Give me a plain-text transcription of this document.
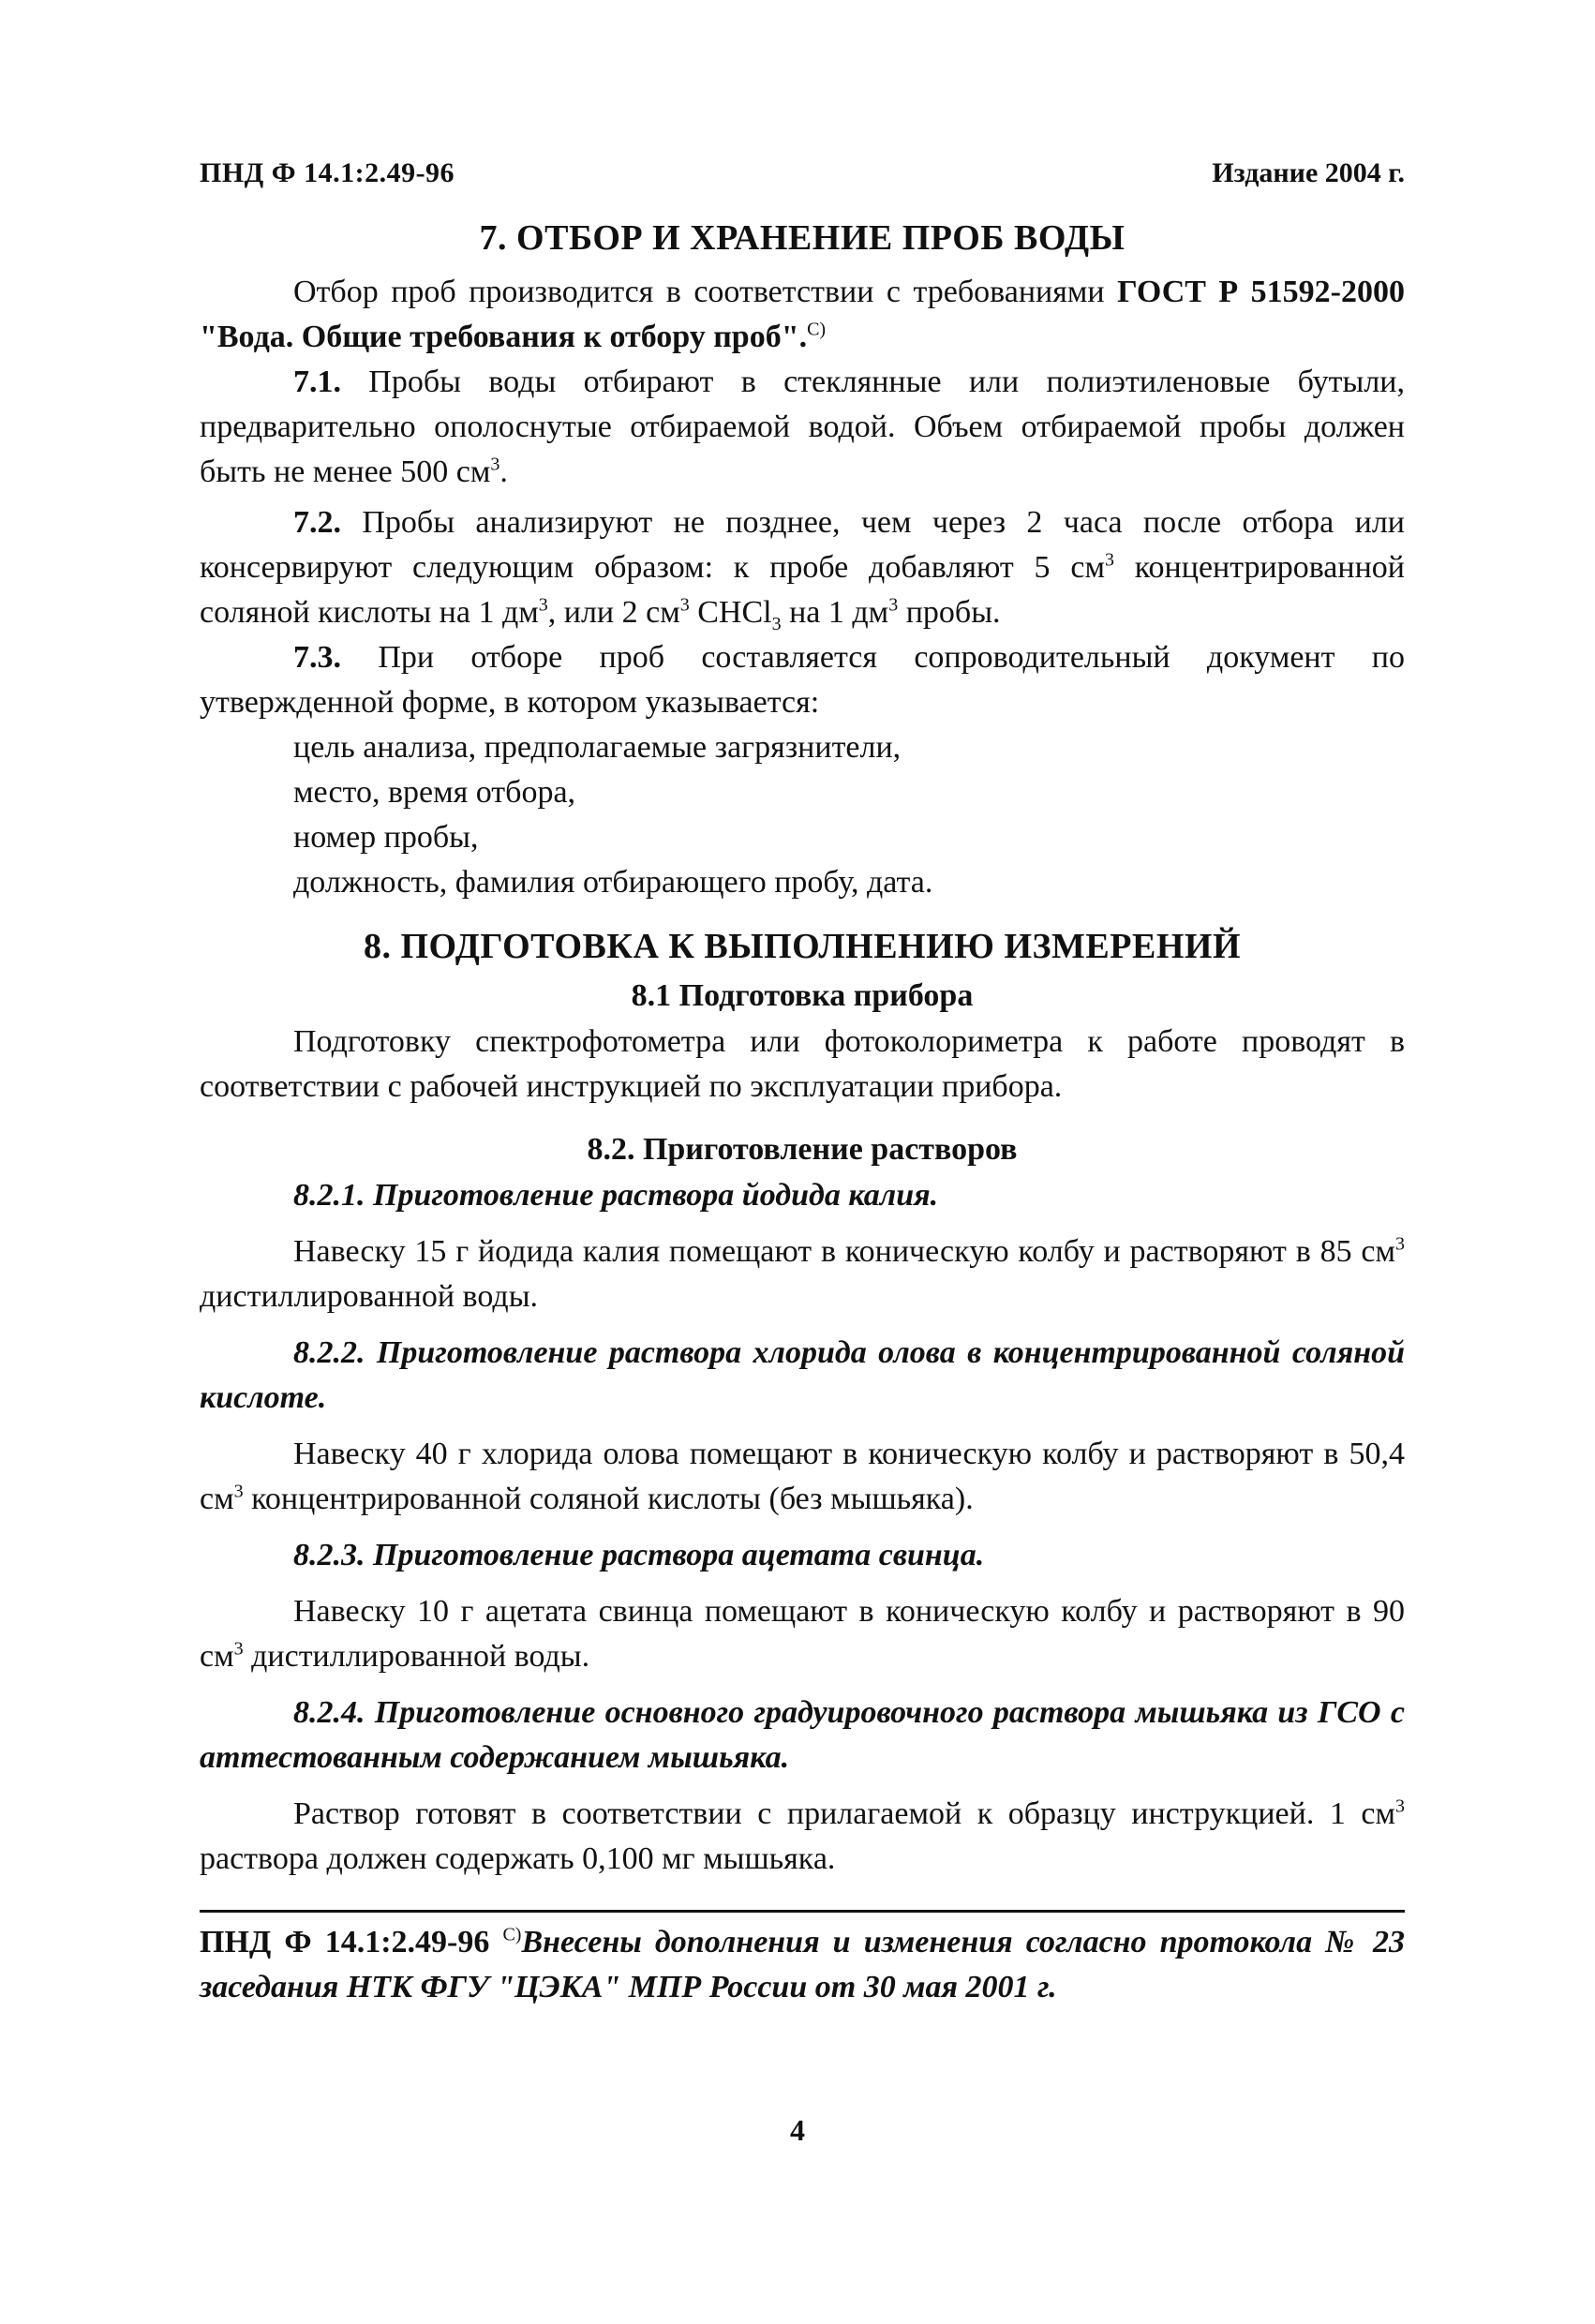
ПНД Ф 14.1:2.49-96	Издание 2004 г.
7. ОТБОР И ХРАНЕНИЕ ПРОБ ВОДЫ

Отбор проб производится в соответствии с требованиями ГОСТ Р 51592-2000 "Вода. Общие требования к отбору проб".$^{С)}$

7.1. Пробы воды отбирают в стеклянные или полиэтиленовые бутыли, предварительно ополоснутые отбираемой водой. Объем отбираемой пробы должен быть не менее 500 $см^3$.

7.2. Пробы анализируют не позднее, чем через 2 часа после отбора или консервируют следующим образом: к пробе добавляют 5 $см^3$ концентрированной соляной кислоты на 1 $дм^3$, или 2 $см^3$ CHCl$_3$ на 1 $дм^3$ пробы.

7.3. При отборе проб составляется сопроводительный документ по утвержденной форме, в котором указывается:

цель анализа, предполагаемые загрязнители,
место, время отбора,
номер пробы,
должность, фамилия отбирающего пробу, дата.
8. ПОДГОТОВКА К ВЫПОЛНЕНИЮ ИЗМЕРЕНИЙ
8.1 Подготовка прибора

Подготовку спектрофотометра или фотоколориметра к работе проводят в соответствии с рабочей инструкцией по эксплуатации прибора.

8.2. Приготовление растворов

8.2.1. Приготовление раствора йодида калия.

Навеску 15 г йодида калия помещают в коническую колбу и растворяют в 85 $см^3$ дистиллированной воды.

8.2.2. Приготовление раствора хлорида олова в концентрированной соляной кислоте.

Навеску 40 г хлорида олова помещают в коническую колбу и растворяют в 50,4 $см^3$ концентрированной соляной кислоты (без мышьяка).

8.2.3. Приготовление раствора ацетата свинца.

Навеску 10 г ацетата свинца помещают в коническую колбу и растворяют в 90 $см^3$ дистиллированной воды.

8.2.4. Приготовление основного градуировочного раствора мышьяка из ГСО с аттестованным содержанием мышьяка.

Раствор готовят в соответствии с прилагаемой к образцу инструкцией. 1 $см^3$ раствора должен содержать 0,100 мг мышьяка.

ПНД Ф 14.1:2.49-96 $^{С)}$Внесены дополнения и изменения согласно протокола № 23 заседания НТК ФГУ "ЦЭКА" МПР России от 30 мая 2001 г.
4
